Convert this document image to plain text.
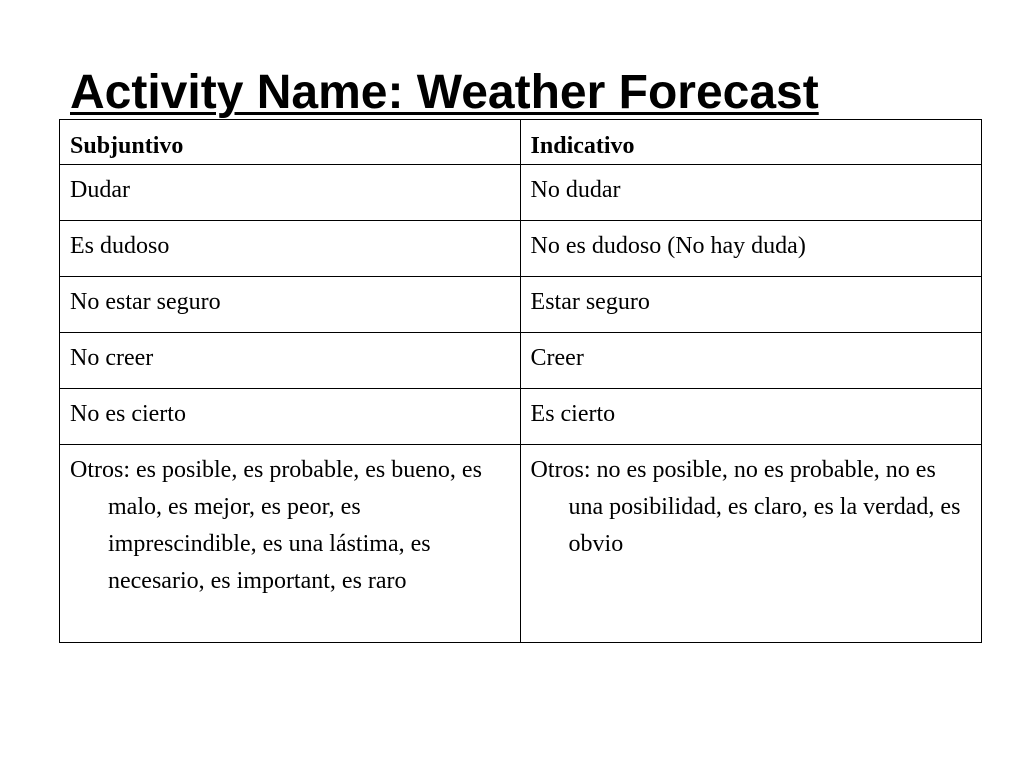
Activity Name: Weather Forecast
Subjuntivo	Indicativo
Dudar	No dudar
Es dudoso	No es dudoso (No hay duda)
No estar seguro	Estar seguro
No creer	Creer
No es cierto	Es cierto

Otros: es posible, es probable, es bueno, es malo, es mejor, es peor, es imprescindible, es una lástima, es necesario, es important, es raro	Otros: no es posible, no es probable, no es una posibilidad, es claro, es la verdad, es obvio
